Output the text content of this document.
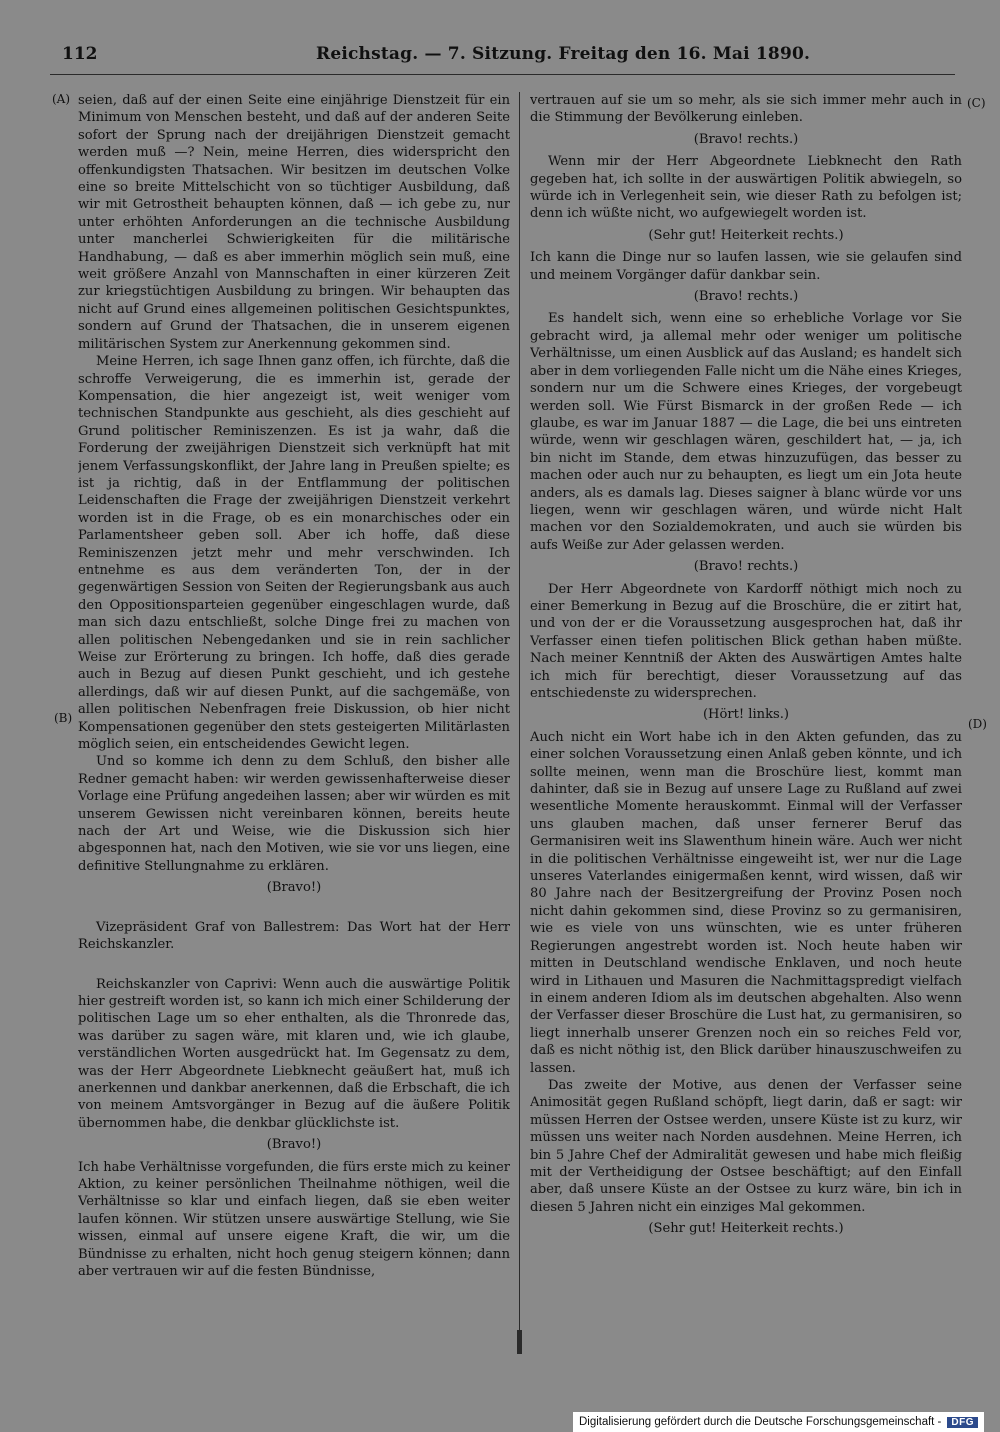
112	Reichstag. — 7. Sitzung. Freitag den 16. Mai 1890.
(A)
(B)
(C)
(D)

seien, daß auf der einen Seite eine einjährige Dienstzeit für ein Minimum von Menschen besteht, und daß auf der anderen Seite sofort der Sprung nach der dreijährigen Dienstzeit gemacht werden muß —? Nein, meine Herren, dies widerspricht den offenkundigsten Thatsachen. Wir besitzen im deutschen Volke eine so breite Mittelschicht von so tüchtiger Ausbildung, daß wir mit Getrostheit behaupten können, daß — ich gebe zu, nur unter erhöhten Anforderungen an die technische Ausbildung unter mancherlei Schwierigkeiten für die militärische Handhabung, — daß es aber immerhin möglich sein muß, eine weit größere Anzahl von Mannschaften in einer kürzeren Zeit zur kriegstüchtigen Ausbildung zu bringen. Wir behaupten das nicht auf Grund eines allgemeinen politischen Gesichtspunktes, sondern auf Grund der Thatsachen, die in unserem eigenen militärischen System zur Anerkennung gekommen sind.

Meine Herren, ich sage Ihnen ganz offen, ich fürchte, daß die schroffe Verweigerung, die es immerhin ist, gerade der Kompensation, die hier angezeigt ist, weit weniger vom technischen Standpunkte aus geschieht, als dies geschieht auf Grund politischer Reminiszenzen. Es ist ja wahr, daß die Forderung der zweijährigen Dienstzeit sich verknüpft hat mit jenem Verfassungskonflikt, der Jahre lang in Preußen spielte; es ist ja richtig, daß in der Entflammung der politischen Leidenschaften die Frage der zweijährigen Dienstzeit verkehrt worden ist in die Frage, ob es ein monarchisches oder ein Parlamentsheer geben soll. Aber ich hoffe, daß diese Reminiszenzen jetzt mehr und mehr verschwinden. Ich entnehme es aus dem veränderten Ton, der in der gegenwärtigen Session von Seiten der Regierungsbank aus auch den Oppositionsparteien gegenüber eingeschlagen wurde, daß man sich dazu entschließt, solche Dinge frei zu machen von allen politischen Nebengedanken und sie in rein sachlicher Weise zur Erörterung zu bringen. Ich hoffe, daß dies gerade auch in Bezug auf diesen Punkt geschieht, und ich gestehe allerdings, daß wir auf diesen Punkt, auf die sachgemäße, von allen politischen Nebenfragen freie Diskussion, ob hier nicht Kompensationen gegenüber den stets gesteigerten Militärlasten möglich seien, ein entscheidendes Gewicht legen.

Und so komme ich denn zu dem Schluß, den bisher alle Redner gemacht haben: wir werden gewissenhafterweise dieser Vorlage eine Prüfung angedeihen lassen; aber wir würden es mit unserem Gewissen nicht vereinbaren können, bereits heute nach der Art und Weise, wie die Diskussion sich hier abgesponnen hat, nach den Motiven, wie sie vor uns liegen, eine definitive Stellungnahme zu erklären.

(Bravo!)

Vizepräsident Graf von Ballestrem: Das Wort hat der Herr Reichskanzler.

Reichskanzler von Caprivi: Wenn auch die auswärtige Politik hier gestreift worden ist, so kann ich mich einer Schilderung der politischen Lage um so eher enthalten, als die Thronrede das, was darüber zu sagen wäre, mit klaren und, wie ich glaube, verständlichen Worten ausgedrückt hat. Im Gegensatz zu dem, was der Herr Abgeordnete Liebknecht geäußert hat, muß ich anerkennen und dankbar anerkennen, daß die Erbschaft, die ich von meinem Amtsvorgänger in Bezug auf die äußere Politik übernommen habe, die denkbar glücklichste ist.

(Bravo!)

Ich habe Verhältnisse vorgefunden, die fürs erste mich zu keiner Aktion, zu keiner persönlichen Theilnahme nöthigen, weil die Verhältnisse so klar und einfach liegen, daß sie eben weiter laufen können. Wir stützen unsere auswärtige Stellung, wie Sie wissen, einmal auf unsere eigene Kraft, die wir, um die Bündnisse zu erhalten, nicht hoch genug steigern können; dann aber vertrauen wir auf die festen Bündnisse,

vertrauen auf sie um so mehr, als sie sich immer mehr auch in die Stimmung der Bevölkerung einleben.

(Bravo! rechts.)

Wenn mir der Herr Abgeordnete Liebknecht den Rath gegeben hat, ich sollte in der auswärtigen Politik abwiegeln, so würde ich in Verlegenheit sein, wie dieser Rath zu befolgen ist; denn ich wüßte nicht, wo aufgewiegelt worden ist.

(Sehr gut! Heiterkeit rechts.)

Ich kann die Dinge nur so laufen lassen, wie sie gelaufen sind und meinem Vorgänger dafür dankbar sein.

(Bravo! rechts.)

Es handelt sich, wenn eine so erhebliche Vorlage vor Sie gebracht wird, ja allemal mehr oder weniger um politische Verhältnisse, um einen Ausblick auf das Ausland; es handelt sich aber in dem vorliegenden Falle nicht um die Nähe eines Krieges, sondern nur um die Schwere eines Krieges, der vorgebeugt werden soll. Wie Fürst Bismarck in der großen Rede — ich glaube, es war im Januar 1887 — die Lage, die bei uns eintreten würde, wenn wir geschlagen wären, geschildert hat, — ja, ich bin nicht im Stande, dem etwas hinzuzufügen, das besser zu machen oder auch nur zu behaupten, es liegt um ein Jota heute anders, als es damals lag. Dieses saigner à blanc würde vor uns liegen, wenn wir geschlagen wären, und würde nicht Halt machen vor den Sozialdemokraten, und auch sie würden bis aufs Weiße zur Ader gelassen werden.

(Bravo! rechts.)

Der Herr Abgeordnete von Kardorff nöthigt mich noch zu einer Bemerkung in Bezug auf die Broschüre, die er zitirt hat, und von der er die Voraussetzung ausgesprochen hat, daß ihr Verfasser einen tiefen politischen Blick gethan haben müßte. Nach meiner Kenntniß der Akten des Auswärtigen Amtes halte ich mich für berechtigt, dieser Voraussetzung auf das entschiedenste zu widersprechen.

(Hört! links.)

Auch nicht ein Wort habe ich in den Akten gefunden, das zu einer solchen Voraussetzung einen Anlaß geben könnte, und ich sollte meinen, wenn man die Broschüre liest, kommt man dahinter, daß sie in Bezug auf unsere Lage zu Rußland auf zwei wesentliche Momente herauskommt. Einmal will der Verfasser uns glauben machen, daß unser fernerer Beruf das Germanisiren weit ins Slawenthum hinein wäre. Auch wer nicht in die politischen Verhältnisse eingeweiht ist, wer nur die Lage unseres Vaterlandes einigermaßen kennt, wird wissen, daß wir 80 Jahre nach der Besitzergreifung der Provinz Posen noch nicht dahin gekommen sind, diese Provinz so zu germanisiren, wie es viele von uns wünschten, wie es unter früheren Regierungen angestrebt worden ist. Noch heute haben wir mitten in Deutschland wendische Enklaven, und noch heute wird in Lithauen und Masuren die Nachmittagspredigt vielfach in einem anderen Idiom als im deutschen abgehalten. Also wenn der Verfasser dieser Broschüre die Lust hat, zu germanisiren, so liegt innerhalb unserer Grenzen noch ein so reiches Feld vor, daß es nicht nöthig ist, den Blick darüber hinauszuschweifen zu lassen.

Das zweite der Motive, aus denen der Verfasser seine Animosität gegen Rußland schöpft, liegt darin, daß er sagt: wir müssen Herren der Ostsee werden, unsere Küste ist zu kurz, wir müssen uns weiter nach Norden ausdehnen. Meine Herren, ich bin 5 Jahre Chef der Admiralität gewesen und habe mich fleißig mit der Vertheidigung der Ostsee beschäftigt; auf den Einfall aber, daß unsere Küste an der Ostsee zu kurz wäre, bin ich in diesen 5 Jahren nicht ein einziges Mal gekommen.

(Sehr gut! Heiterkeit rechts.)

Digitalisierung gefördert durch die Deutsche Forschungsgemeinschaft -	DFG
